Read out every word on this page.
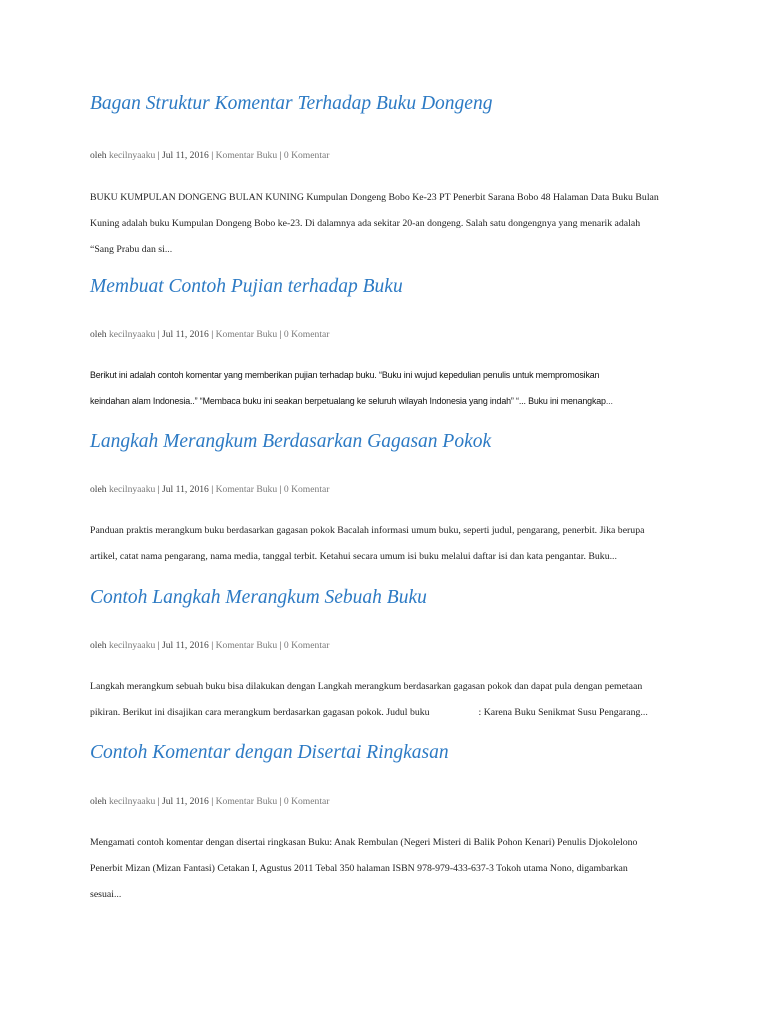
Bagan Struktur Komentar Terhadap Buku Dongeng
oleh kecilnyaaku | Jul 11, 2016 | Komentar Buku | 0 Komentar
BUKU KUMPULAN DONGENG BULAN KUNING Kumpulan Dongeng Bobo Ke-23 PT Penerbit Sarana Bobo 48 Halaman Data Buku Bulan
Kuning adalah buku Kumpulan Dongeng Bobo ke-23. Di dalamnya ada sekitar 20-an dongeng. Salah satu dongengnya yang menarik adalah
“Sang Prabu dan si...
Membuat Contoh Pujian terhadap Buku
oleh kecilnyaaku | Jul 11, 2016 | Komentar Buku | 0 Komentar
Berikut ini adalah contoh komentar yang memberikan pujian terhadap buku. “Buku ini wujud kepedulian penulis untuk mempromosikan
keindahan alam Indonesia..” “Membaca buku ini seakan berpetualang ke seluruh wilayah Indonesia yang indah” “... Buku ini menangkap...
Langkah Merangkum Berdasarkan Gagasan Pokok
oleh kecilnyaaku | Jul 11, 2016 | Komentar Buku | 0 Komentar
Panduan praktis merangkum buku berdasarkan gagasan pokok Bacalah informasi umum buku, seperti judul, pengarang, penerbit. Jika berupa
artikel, catat nama pengarang, nama media, tanggal terbit. Ketahui secara umum isi buku melalui daftar isi dan kata pengantar. Buku...
Contoh Langkah Merangkum Sebuah Buku
oleh kecilnyaaku | Jul 11, 2016 | Komentar Buku | 0 Komentar
Langkah merangkum sebuah buku bisa dilakukan dengan Langkah merangkum berdasarkan gagasan pokok dan dapat pula dengan pemetaan
pikiran. Berikut ini disajikan cara merangkum berdasarkan gagasan pokok. Judul buku                    : Karena Buku Senikmat Susu Pengarang...
Contoh Komentar dengan Disertai Ringkasan
oleh kecilnyaaku | Jul 11, 2016 | Komentar Buku | 0 Komentar
Mengamati contoh komentar dengan disertai ringkasan Buku: Anak Rembulan (Negeri Misteri di Balik Pohon Kenari) Penulis Djokolelono
Penerbit Mizan (Mizan Fantasi) Cetakan I, Agustus 2011 Tebal 350 halaman ISBN 978-979-433-637-3 Tokoh utama Nono, digambarkan
sesuai...
